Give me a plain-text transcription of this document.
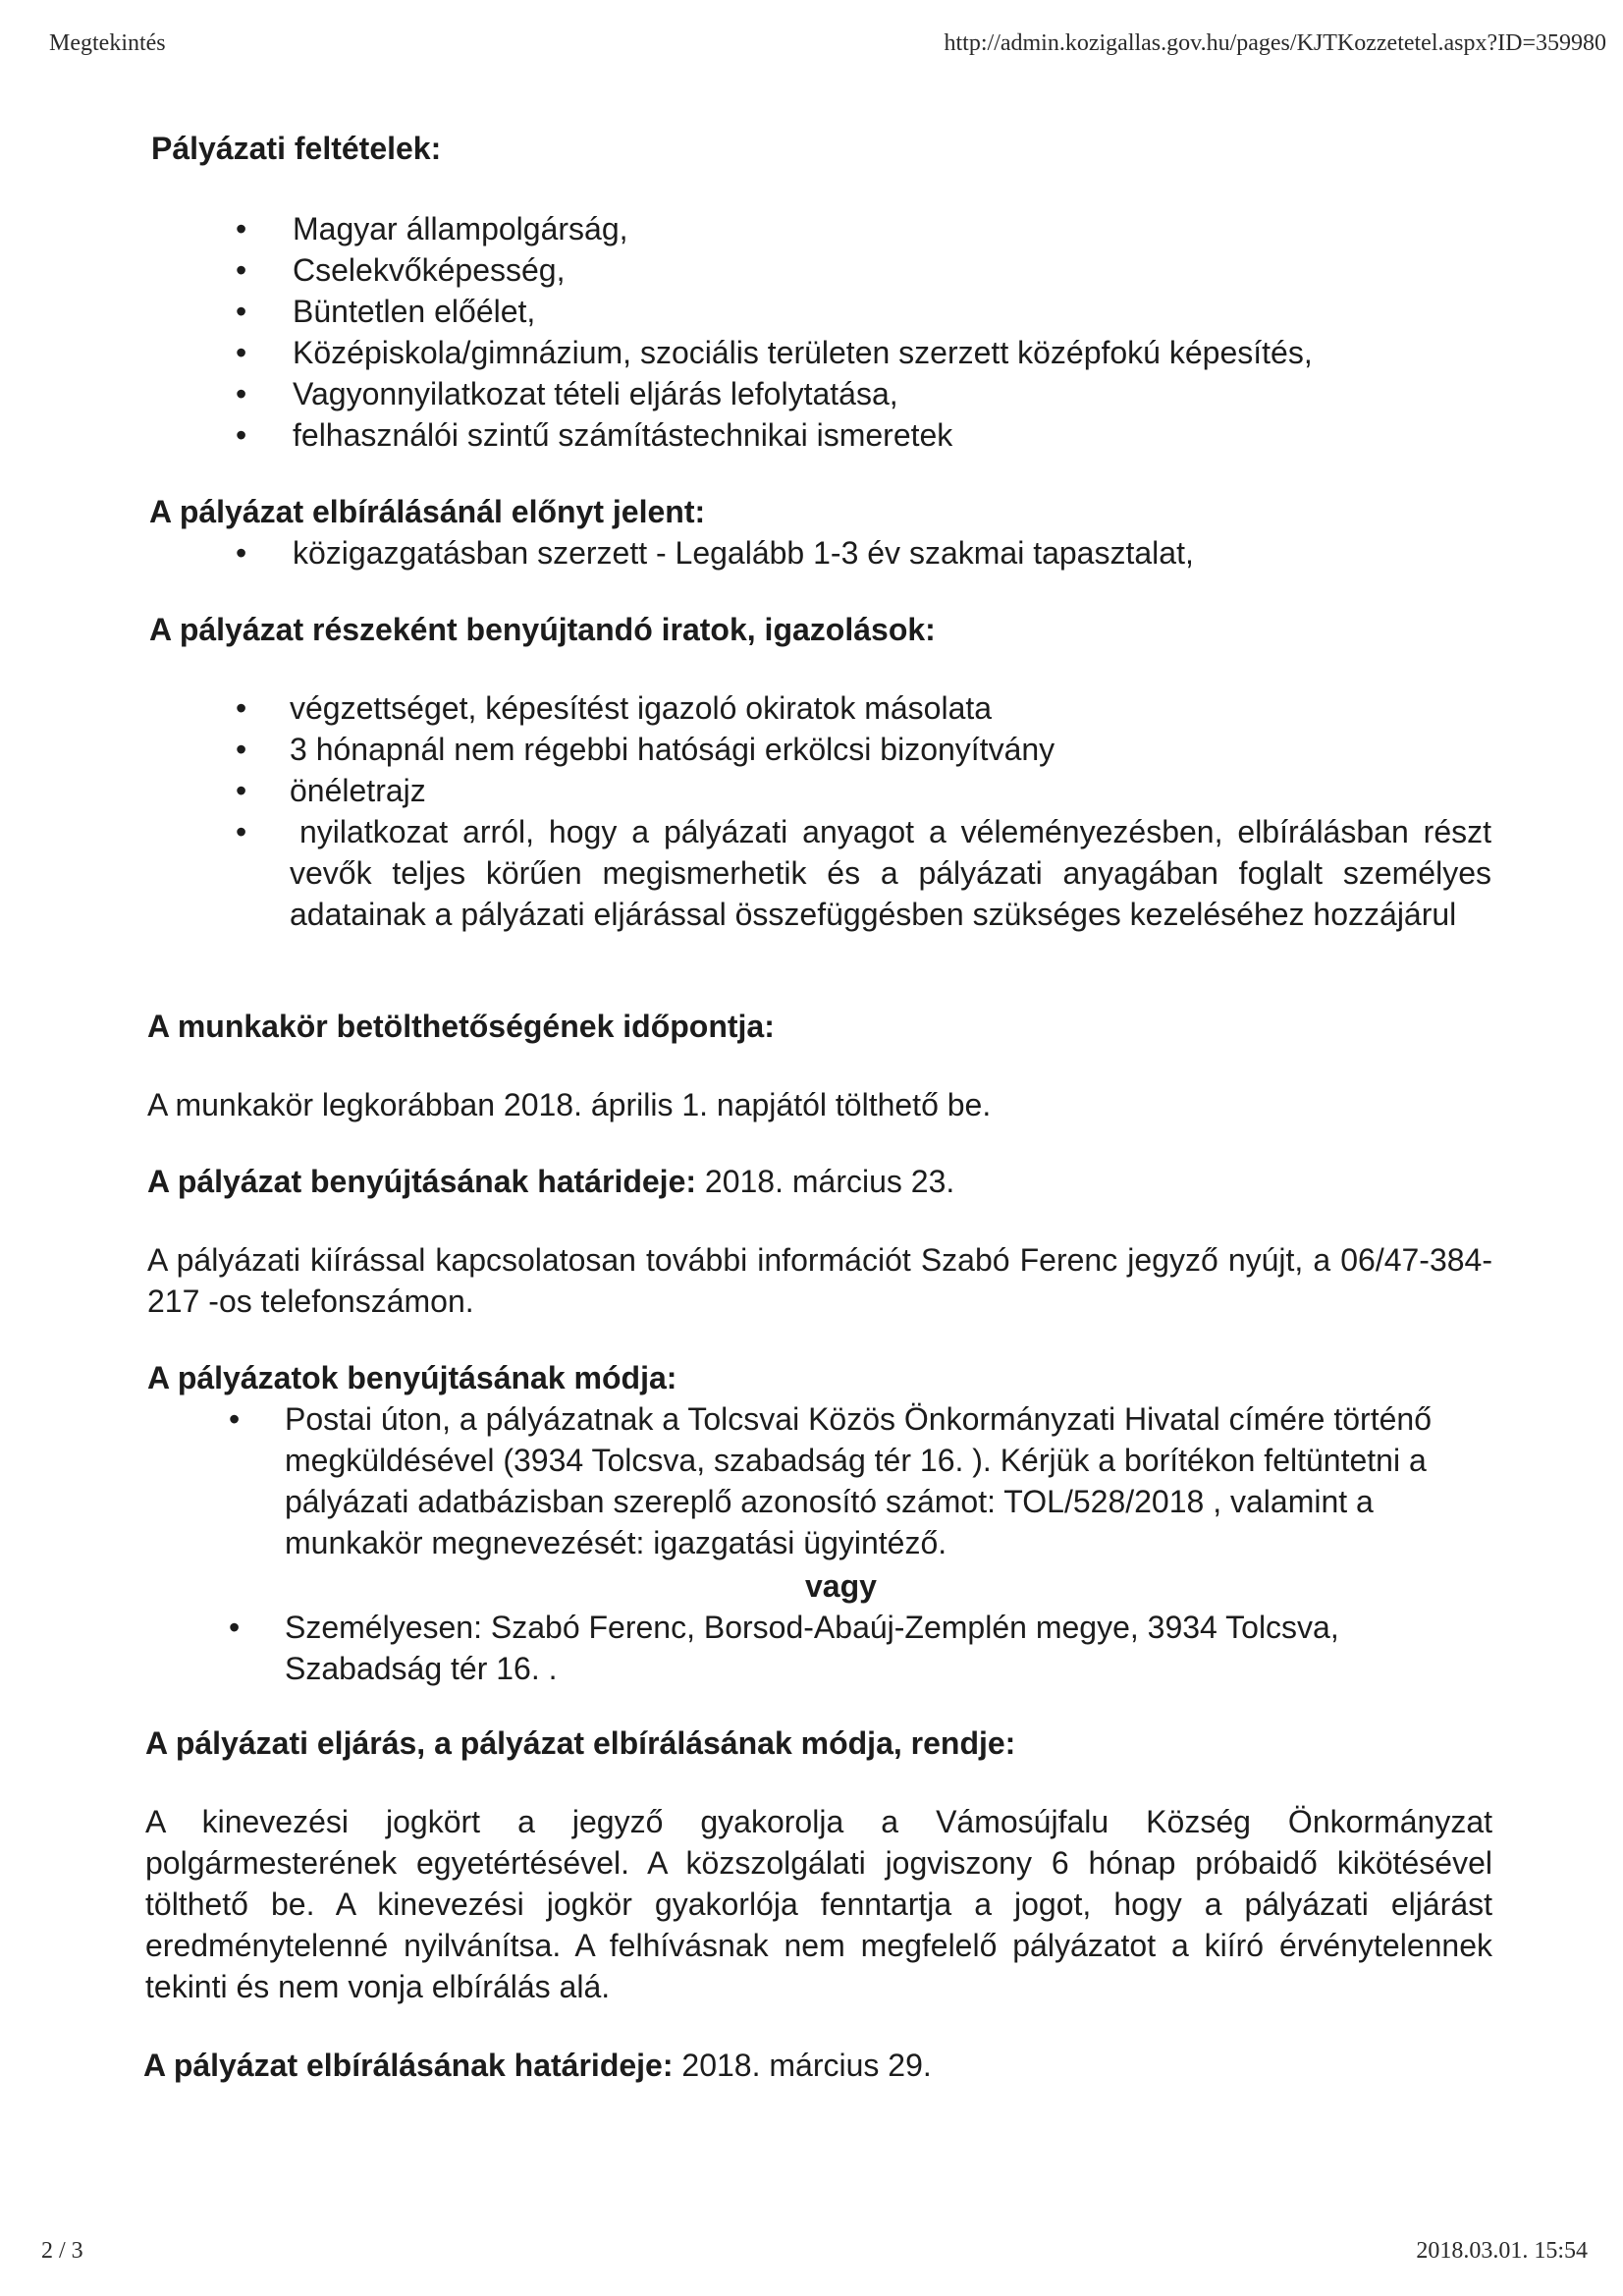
Megtekintés	http://admin.kozigallas.gov.hu/pages/KJTKozzetetel.aspx?ID=359980
Pályázati feltételek:
• Magyar állampolgárság,
• Cselekvőképesség,
• Büntetlen előélet,
• Középiskola/gimnázium, szociális területen szerzett középfokú képesítés,
• Vagyonnyilatkozat tételi eljárás lefolytatása,
• felhasználói szintű számítástechnikai ismeretek
A pályázat elbírálásánál előnyt jelent:
• közigazgatásban szerzett - Legalább 1-3 év szakmai tapasztalat,
A pályázat részeként benyújtandó iratok, igazolások:
• végzettséget, képesítést igazoló okiratok másolata
• 3 hónapnál nem régebbi hatósági erkölcsi bizonyítvány
• önéletrajz
•	nyilatkozat arról, hogy a pályázati anyagot a véleményezésben, elbírálásban részt vevők teljes körűen megismerhetik és a pályázati anyagában foglalt személyes adatainak a pályázati eljárással összefüggésben szükséges kezeléséhez hozzájárul
A munkakör betölthetőségének időpontja:
A munkakör legkorábban 2018. április 1. napjától tölthető be.
A pályázat benyújtásának határideje: 2018. március 23.
A pályázati kiírással kapcsolatosan további információt Szabó Ferenc jegyző nyújt, a 06/47-384-217 -os telefonszámon.
A pályázatok benyújtásának módja:
• Postai úton, a pályázatnak a Tolcsvai Közös Önkormányzati Hivatal címére történő megküldésével (3934 Tolcsva, szabadság tér 16. ). Kérjük a borítékon feltüntetni a pályázati adatbázisban szereplő azonosító számot: TOL/528/2018 , valamint a munkakör megnevezését: igazgatási ügyintéző.
vagy
• Személyesen: Szabó Ferenc, Borsod-Abaúj-Zemplén megye, 3934 Tolcsva, Szabadság tér 16. .
A pályázati eljárás, a pályázat elbírálásának módja, rendje:
A kinevezési jogkört a jegyző gyakorolja a Vámosújfalu Község Önkormányzat polgármesterének egyetértésével. A közszolgálati jogviszony 6 hónap próbaidő kikötésével tölthető be. A kinevezési jogkör gyakorlója fenntartja a jogot, hogy a pályázati eljárást eredménytelenné nyilvánítsa. A felhívásnak nem megfelelő pályázatot a kiíró érvénytelennek tekinti és nem vonja elbírálás alá.
A pályázat elbírálásának határideje: 2018. március 29.
2 / 3	2018.03.01. 15:54
